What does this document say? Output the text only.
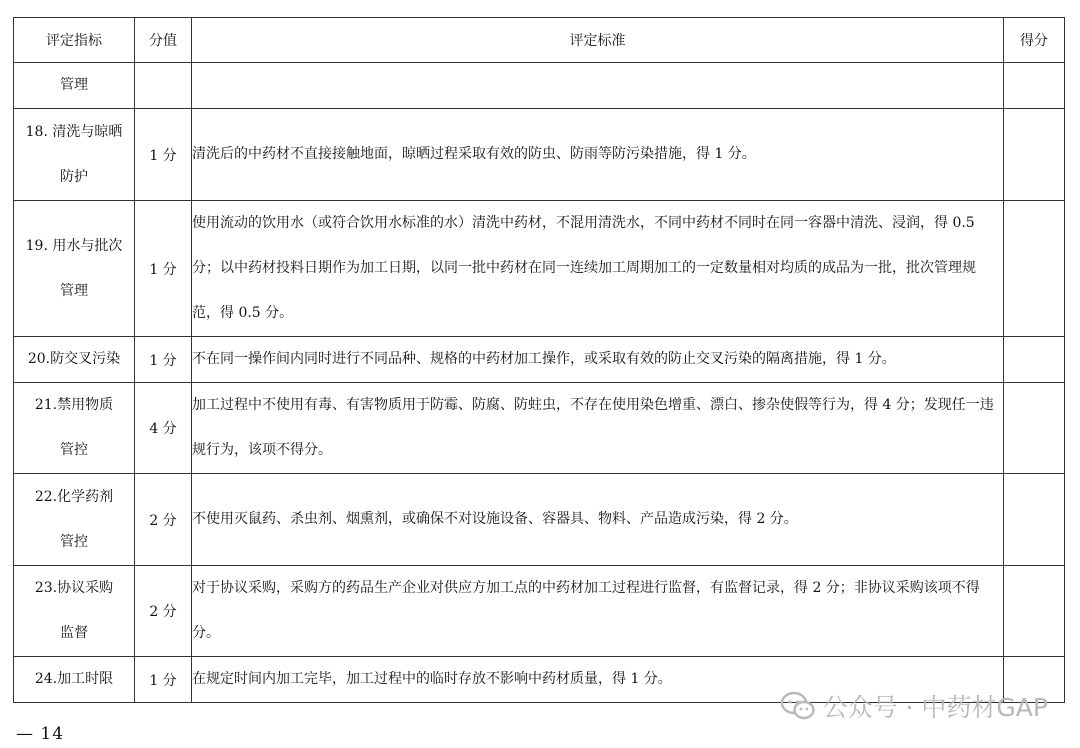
评定指标	分值	评定标准	得分

管理			

18. 清洗与晾晒
防护	1 分	清洗后的中药材不直接接触地面，晾晒过程采取有效的防虫、防雨等防污染措施，得 1 分。	

19. 用水与批次
管理	1 分	使用流动的饮用水（或符合饮用水标准的水）清洗中药材，不混用清洗水，不同中药材不同时在同一容器中清洗、浸润，得 0.5 分；以中药材投料日期作为加工日期，以同一批中药材在同一连续加工周期加工的一定数量相对均质的成品为一批，批次管理规范，得 0.5 分。	

20.防交叉污染	1 分	不在同一操作间内同时进行不同品种、规格的中药材加工操作，或采取有效的防止交叉污染的隔离措施，得 1 分。	

21.禁用物质
管控	4 分	加工过程中不使用有毒、有害物质用于防霉、防腐、防蛀虫，不存在使用染色增重、漂白、掺杂使假等行为，得 4 分；发现任一违规行为，该项不得分。	

22.化学药剂
管控	2 分	不使用灭鼠药、杀虫剂、烟熏剂，或确保不对设施设备、容器具、物料、产品造成污染，得 2 分。	

23.协议采购
监督	2 分	对于协议采购，采购方的药品生产企业对供应方加工点的中药材加工过程进行监督，有监督记录，得 2 分；非协议采购该项不得分。	

24.加工时限	1 分	在规定时间内加工完毕，加工过程中的临时存放不影响中药材质量，得 1 分。	
公众号 · 中药材GAP
— 14
